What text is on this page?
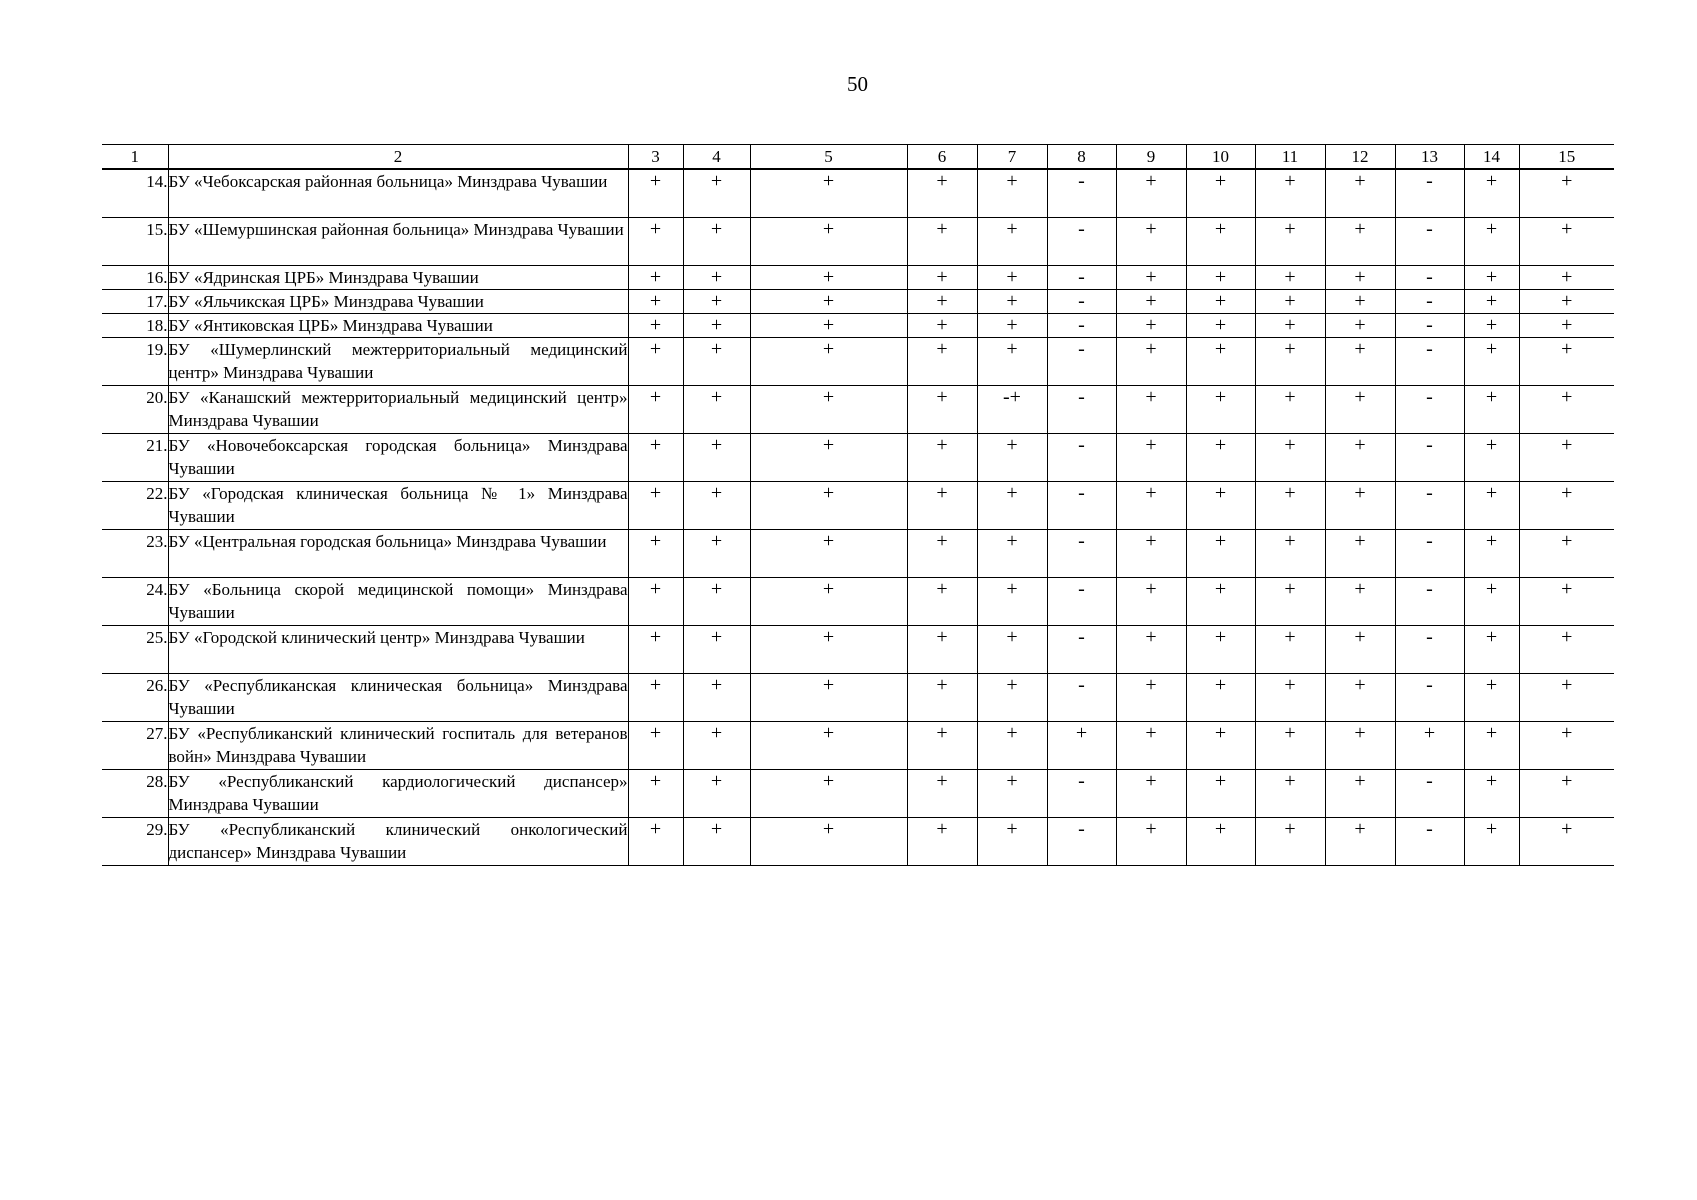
50
1	2	3	4	5	6	7	8	9	10	11	12	13	14	15
14.	БУ «Чебоксарская районная больница» Минздрава Чувашии	+	+	+	+	+	-	+	+	+	+	-	+	+
15.	БУ «Шемуршинская районная больница» Минздрава Чувашии	+	+	+	+	+	-	+	+	+	+	-	+	+
16.	БУ «Ядринская ЦРБ» Минздрава Чувашии	+	+	+	+	+	-	+	+	+	+	-	+	+
17.	БУ «Яльчикская ЦРБ» Минздрава Чувашии	+	+	+	+	+	-	+	+	+	+	-	+	+
18.	БУ «Янтиковская ЦРБ» Минздрава Чувашии	+	+	+	+	+	-	+	+	+	+	-	+	+
19.	БУ «Шумерлинский межтерриториальный медицинский центр» Минздрава Чувашии	+	+	+	+	+	-	+	+	+	+	-	+	+
20.	БУ «Канашский межтерриториальный медицинский центр» Минздрава Чувашии	+	+	+	+	-+	-	+	+	+	+	-	+	+
21.	БУ «Новочебоксарская городская больница» Минздрава Чувашии	+	+	+	+	+	-	+	+	+	+	-	+	+
22.	БУ «Городская клиническая больница № 1» Минздрава Чувашии	+	+	+	+	+	-	+	+	+	+	-	+	+
23.	БУ «Центральная городская больница» Минздрава Чувашии	+	+	+	+	+	-	+	+	+	+	-	+	+
24.	БУ «Больница скорой медицинской помощи» Минздрава Чувашии	+	+	+	+	+	-	+	+	+	+	-	+	+
25.	БУ «Городской клинический центр» Минздрава Чувашии	+	+	+	+	+	-	+	+	+	+	-	+	+
26.	БУ «Республиканская клиническая больница» Минздрава Чувашии	+	+	+	+	+	-	+	+	+	+	-	+	+
27.	БУ «Республиканский клинический госпиталь для ветеранов войн» Минздрава Чувашии	+	+	+	+	+	+	+	+	+	+	+	+	+
28.	БУ «Республиканский кардиологический диспансер» Минздрава Чувашии	+	+	+	+	+	-	+	+	+	+	-	+	+
29.	БУ «Республиканский клинический онкологический диспансер» Минздрава Чувашии	+	+	+	+	+	-	+	+	+	+	-	+	+
